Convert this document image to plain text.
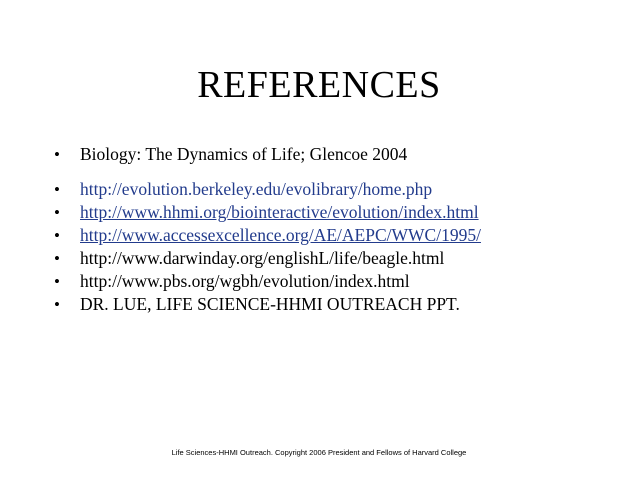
REFERENCES
• Biology: The Dynamics of Life; Glencoe 2004
• http://evolution.berkeley.edu/evolibrary/home.php
• http://www.hhmi.org/biointeractive/evolution/index.html
• http://www.accessexcellence.org/AE/AEPC/WWC/1995/
• http://www.darwinday.org/englishL/life/beagle.html
• http://www.pbs.org/wgbh/evolution/index.html
• DR. LUE, LIFE SCIENCE-HHMI OUTREACH PPT.

Life Sciences-HHMI Outreach. Copyright 2006 President and Fellows of Harvard College
